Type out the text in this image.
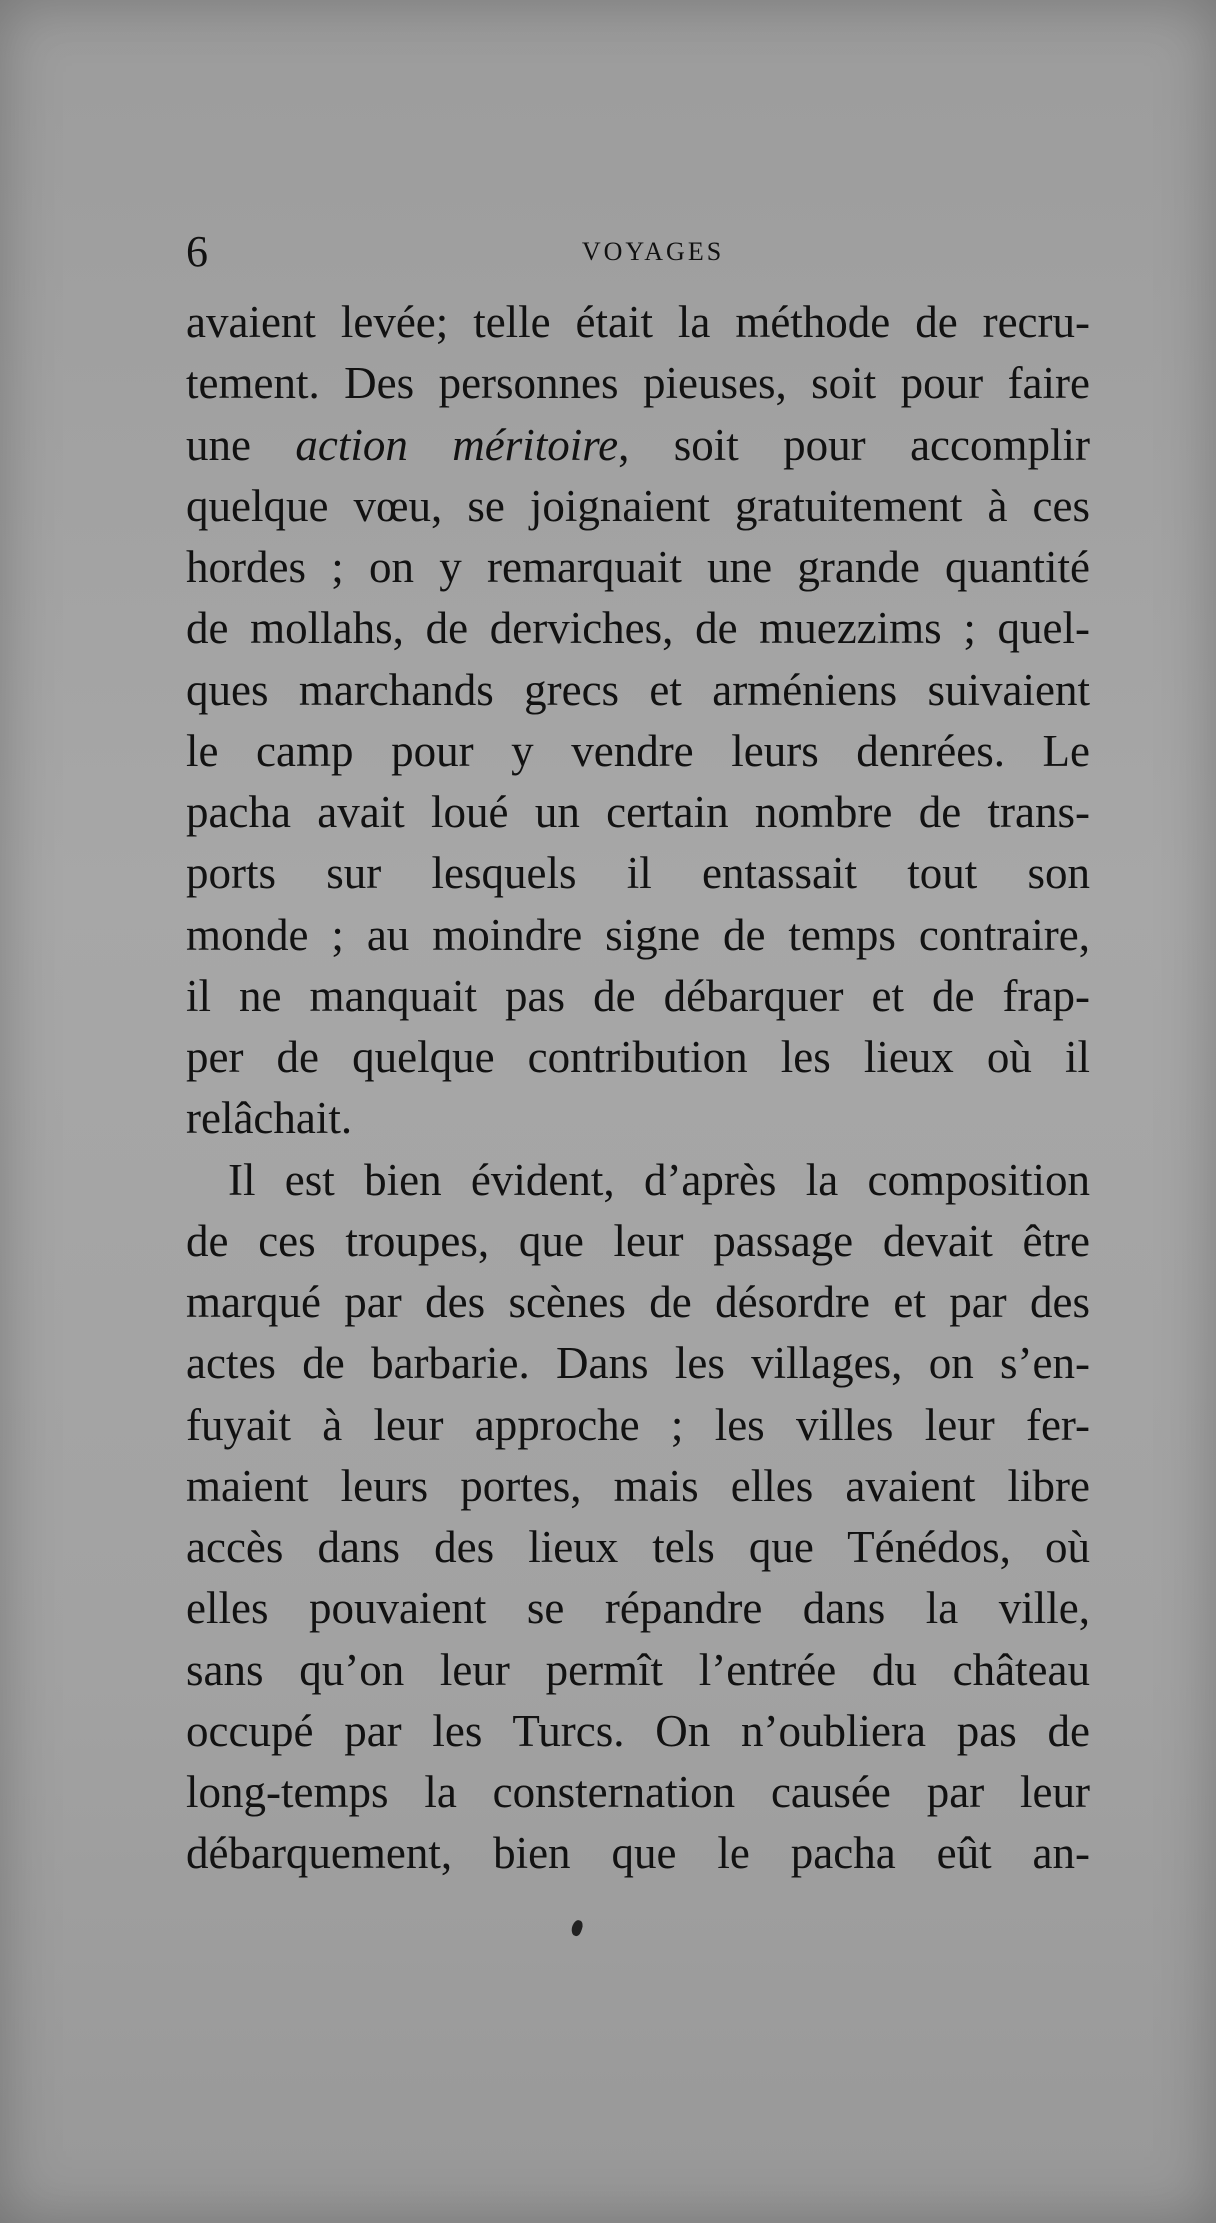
6	VOYAGES
avaient levée; telle était la méthode de recru-
tement. Des personnes pieuses, soit pour faire
une action méritoire, soit pour accomplir
quelque vœu, se joignaient gratuitement à ces
hordes ; on y remarquait une grande quantité
de mollahs, de derviches, de muezzims ; quel-
ques marchands grecs et arméniens suivaient
le camp pour y vendre leurs denrées. Le
pacha avait loué un certain nombre de trans-
ports sur lesquels il entassait tout son
monde ; au moindre signe de temps contraire,
il ne manquait pas de débarquer et de frap-
per de quelque contribution les lieux où il
relâchait.
Il est bien évident, d’après la composition
de ces troupes, que leur passage devait être
marqué par des scènes de désordre et par des
actes de barbarie. Dans les villages, on s’en-
fuyait à leur approche ; les villes leur fer-
maient leurs portes, mais elles avaient libre
accès dans des lieux tels que Ténédos, où
elles pouvaient se répandre dans la ville,
sans qu’on leur permît l’entrée du château
occupé par les Turcs. On n’oubliera pas de
long-temps la consternation causée par leur
débarquement, bien que le pacha eût an-
